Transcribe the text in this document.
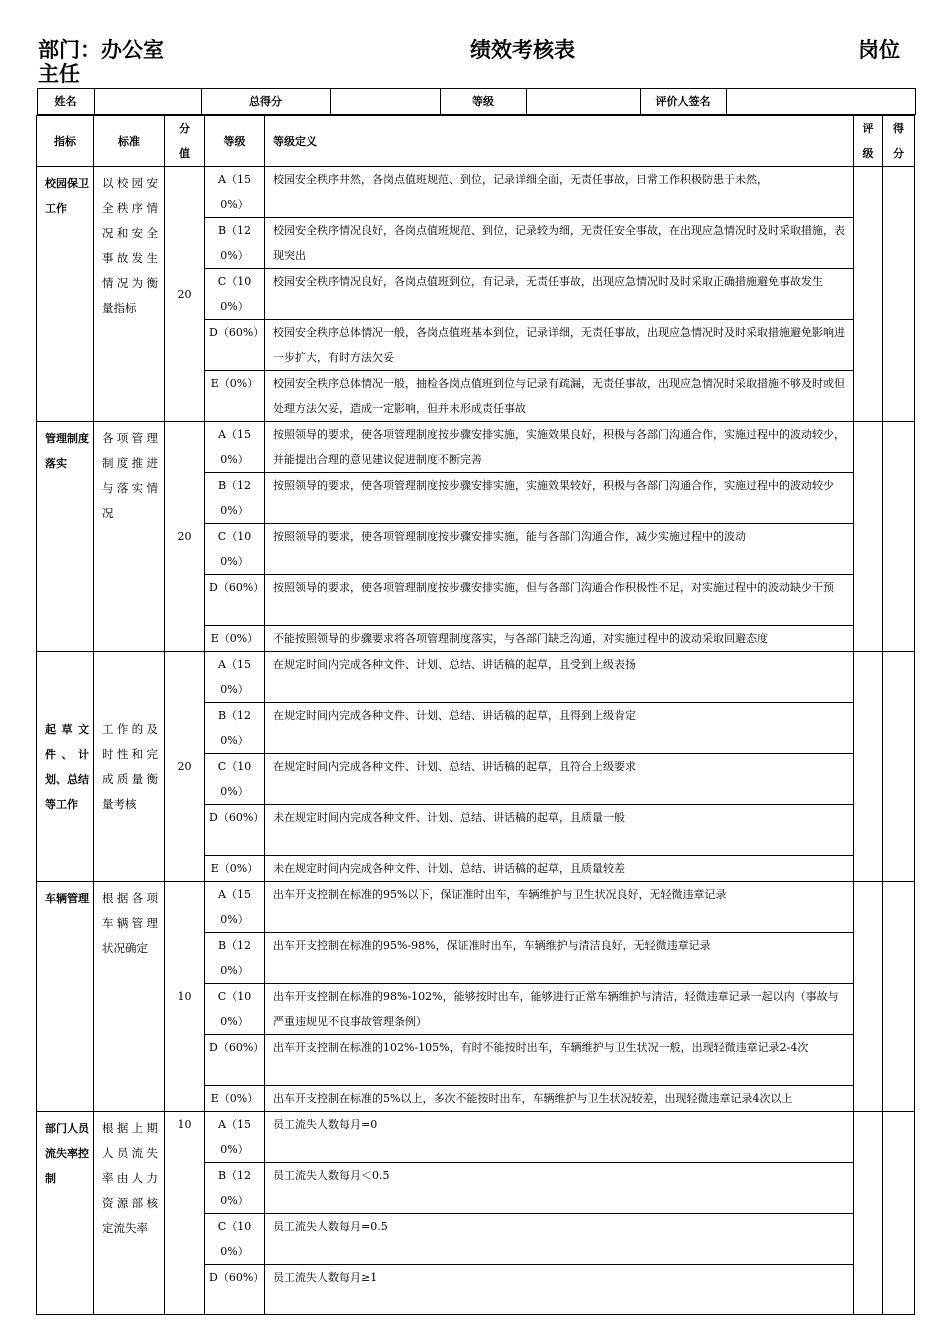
部门：办公室	绩效考核表	岗位
主任
姓名		总得分		等级		评价人签名	

指标	标准	分值	等级	等级定义	评级	得分
校园保卫工作	以校园安全秩序情况和安全事故发生情况为衡量指标	20	A（150%）	校园安全秩序井然，各岗点值班规范、到位，记录详细全面，无责任事故，日常工作积极防患于未然，		
B（120%）	校园安全秩序情况良好，各岗点值班规范、到位，记录较为细，无责任安全事故，在出现应急情况时及时采取措施，表现突出
C（100%）	校园安全秩序情况良好，各岗点值班到位，有记录，无责任事故，出现应急情况时及时采取正确措施避免事故发生
D（60%）	校园安全秩序总体情况一般，各岗点值班基本到位，记录详细，无责任事故，出现应急情况时及时采取措施避免影响进一步扩大，有时方法欠妥
E（0%）	校园安全秩序总体情况一般，抽检各岗点值班到位与记录有疏漏，无责任事故，出现应急情况时采取措施不够及时或但处理方法欠妥，造成一定影响，但并未形成责任事故
管理制度落实	各项管理制度推进与落实情况	20	A（150%）	按照领导的要求，使各项管理制度按步骤安排实施，实施效果良好，积极与各部门沟通合作，实施过程中的波动较少，并能提出合理的意见建议促进制度不断完善		
B（120%）	按照领导的要求，使各项管理制度按步骤安排实施，实施效果较好，积极与各部门沟通合作，实施过程中的波动较少
C（100%）	按照领导的要求，使各项管理制度按步骤安排实施，能与各部门沟通合作，减少实施过程中的波动
D（60%）	按照领导的要求，使各项管理制度按步骤安排实施，但与各部门沟通合作积极性不足，对实施过程中的波动缺少干预
E（0%）	不能按照领导的步骤要求将各项管理制度落实，与各部门缺乏沟通，对实施过程中的波动采取回避态度
起草文件、计划、总结等工作	工作的及时性和完成质量衡量考核	20	A（150%）	在规定时间内完成各种文件、计划、总结、讲话稿的起草，且受到上级表扬		
B（120%）	在规定时间内完成各种文件、计划、总结、讲话稿的起草，且得到上级肯定
C（100%）	在规定时间内完成各种文件、计划、总结、讲话稿的起草，且符合上级要求
D（60%）	未在规定时间内完成各种文件、计划、总结、讲话稿的起草，且质量一般
E（0%）	未在规定时间内完成各种文件、计划、总结、讲话稿的起草，且质量较差
车辆管理	根据各项车辆管理状况确定	10	A（150%）	出车开支控制在标准的95%以下，保证准时出车，车辆维护与卫生状况良好，无轻微违章记录		
B（120%）	出车开支控制在标准的95%-98%，保证准时出车，车辆维护与清洁良好，无轻微违章记录
C（100%）	出车开支控制在标准的98%-102%，能够按时出车，能够进行正常车辆维护与清洁，轻微违章记录一起以内（事故与严重违规见不良事故管理条例）
D（60%）	出车开支控制在标准的102%-105%，有时不能按时出车，车辆维护与卫生状况一般，出现轻微违章记录2-4次
E（0%）	出车开支控制在标准的5%以上，多次不能按时出车，车辆维护与卫生状况较差，出现轻微违章记录4次以上
部门人员流失率控制	根据上期人员流失率由人力资源部核定流失率	10	A（150%）	员工流失人数每月=0		
B（120%）	员工流失人数每月＜0.5
C（100%）	员工流失人数每月=0.5
D（60%）	员工流失人数每月≥1
